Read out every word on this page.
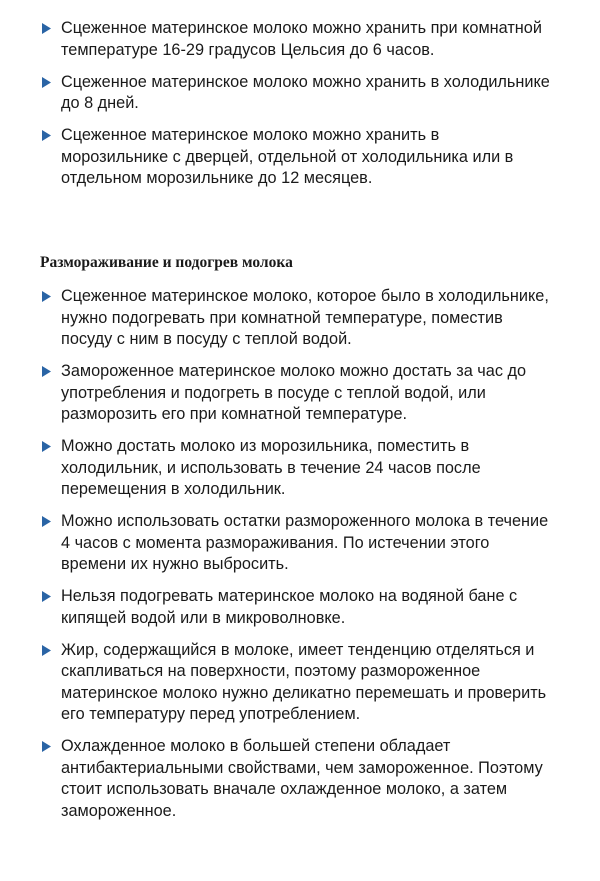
Сцеженное материнское молоко можно хранить при комнатной температуре 16-29 градусов Цельсия до 6 часов.
Сцеженное материнское молоко можно хранить в холодильнике до 8 дней.
Сцеженное материнское молоко можно хранить в морозильнике с дверцей, отдельной от холодильника или в отдельном морозильнике до 12 месяцев.
Размораживание и подогрев молока
Сцеженное материнское молоко, которое было в холодильнике, нужно подогревать при комнатной температуре, поместив посуду с ним в посуду с теплой водой.
Замороженное материнское молоко можно достать за час до употребления и подогреть в посуде с теплой водой, или разморозить его при комнатной температуре.
Можно достать молоко из морозильника, поместить в холодильник, и использовать в течение 24 часов после перемещения в холодильник.
Можно использовать остатки размороженного молока в течение 4 часов с момента размораживания. По истечении этого времени их нужно выбросить.
Нельзя подогревать материнское молоко на водяной бане с кипящей водой или в микроволновке.
Жир, содержащийся в молоке, имеет тенденцию отделяться и скапливаться на поверхности, поэтому размороженное материнское молоко нужно деликатно перемешать и проверить его температуру перед употреблением.
Охлажденное молоко в большей степени обладает антибактериальными свойствами, чем замороженное. Поэтому стоит использовать вначале охлажденное молоко, а затем замороженное.
